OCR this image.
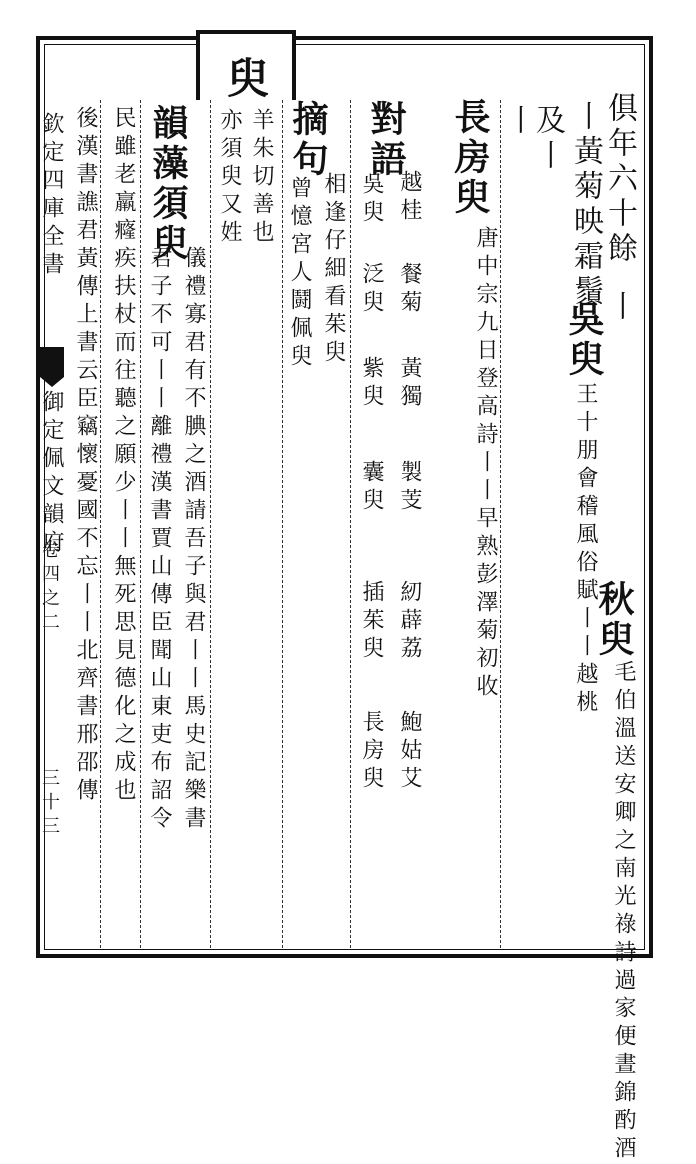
臾
俱年六十餘
丨
秋臾
毛伯溫送安卿之南光祿詩過家便晝錦酌酒
丨黃菊映霜鬚
吳臾
王十朋會稽風俗賦丨丨越桃
及丨
丨
長房臾
唐中宗九日登高詩丨丨早熟彭澤菊初收
對語
越桂
餐菊
黃獨
製芰
紉薜荔
鮑姑艾
吳臾
泛臾
紫臾
囊臾
插茱臾
長房臾
摘句
相逢仔細看茱臾
曾憶宮人鬪佩臾
羊朱切善也
亦須臾又姓
韻藻須臾
儀禮寡君有不腆之酒請吾子與君丨丨馬史記樂書
君子不可丨丨離禮漢書賈山傳臣聞山東吏布詔令
民雖老羸癃疾扶杖而往聽之願少丨丨無死思見德化之成也
後漢書譙君黃傳上書云臣竊懷憂國不忘丨丨北齊書邢邵傳
欽定四庫全書
御定佩文韻府
卷四之二
三十三
